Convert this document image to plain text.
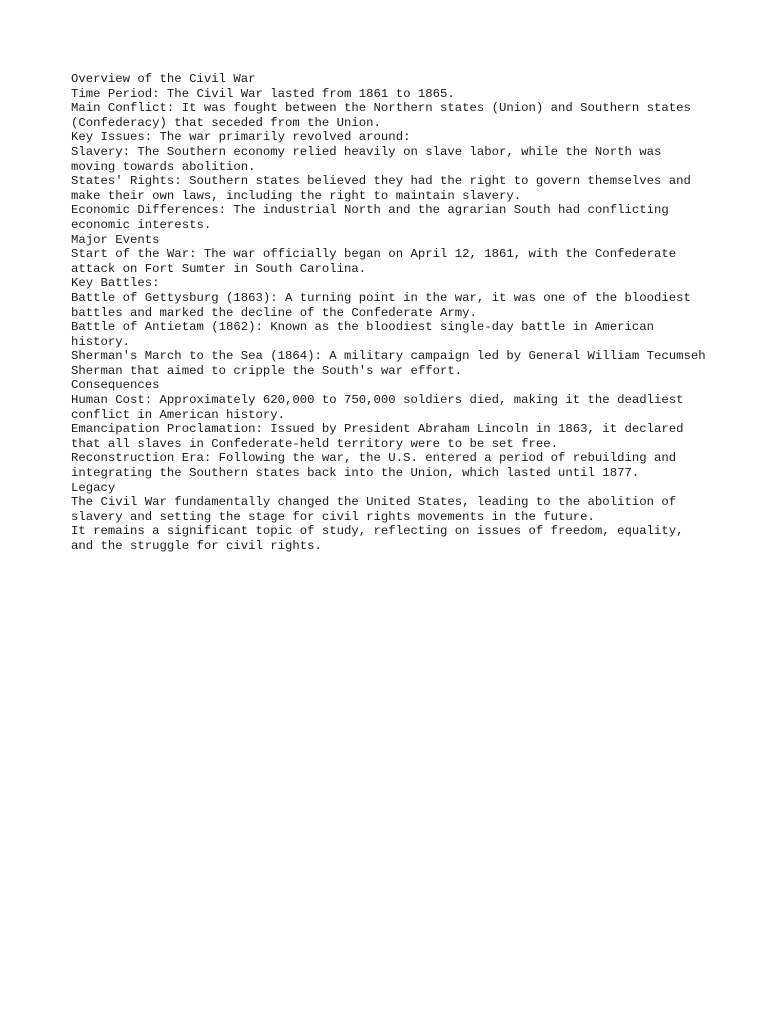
Overview of the Civil War

Time Period: The Civil War lasted from 1861 to 1865.

Main Conflict: It was fought between the Northern states (Union) and Southern states (Confederacy) that seceded from the Union.

Key Issues: The war primarily revolved around:

Slavery: The Southern economy relied heavily on slave labor, while the North was moving towards abolition.

States' Rights: Southern states believed they had the right to govern themselves and make their own laws, including the right to maintain slavery.

Economic Differences: The industrial North and the agrarian South had conflicting economic interests.

Major Events

Start of the War: The war officially began on April 12, 1861, with the Confederate attack on Fort Sumter in South Carolina.

Key Battles:

Battle of Gettysburg (1863): A turning point in the war, it was one of the bloodiest battles and marked the decline of the Confederate Army.

Battle of Antietam (1862): Known as the bloodiest single-day battle in American history.

Sherman's March to the Sea (1864): A military campaign led by General William Tecumseh Sherman that aimed to cripple the South's war effort.

Consequences

Human Cost: Approximately 620,000 to 750,000 soldiers died, making it the deadliest conflict in American history.

Emancipation Proclamation: Issued by President Abraham Lincoln in 1863, it declared that all slaves in Confederate-held territory were to be set free.

Reconstruction Era: Following the war, the U.S. entered a period of rebuilding and integrating the Southern states back into the Union, which lasted until 1877.

Legacy

The Civil War fundamentally changed the United States, leading to the abolition of slavery and setting the stage for civil rights movements in the future.

It remains a significant topic of study, reflecting on issues of freedom, equality, and the struggle for civil rights.
